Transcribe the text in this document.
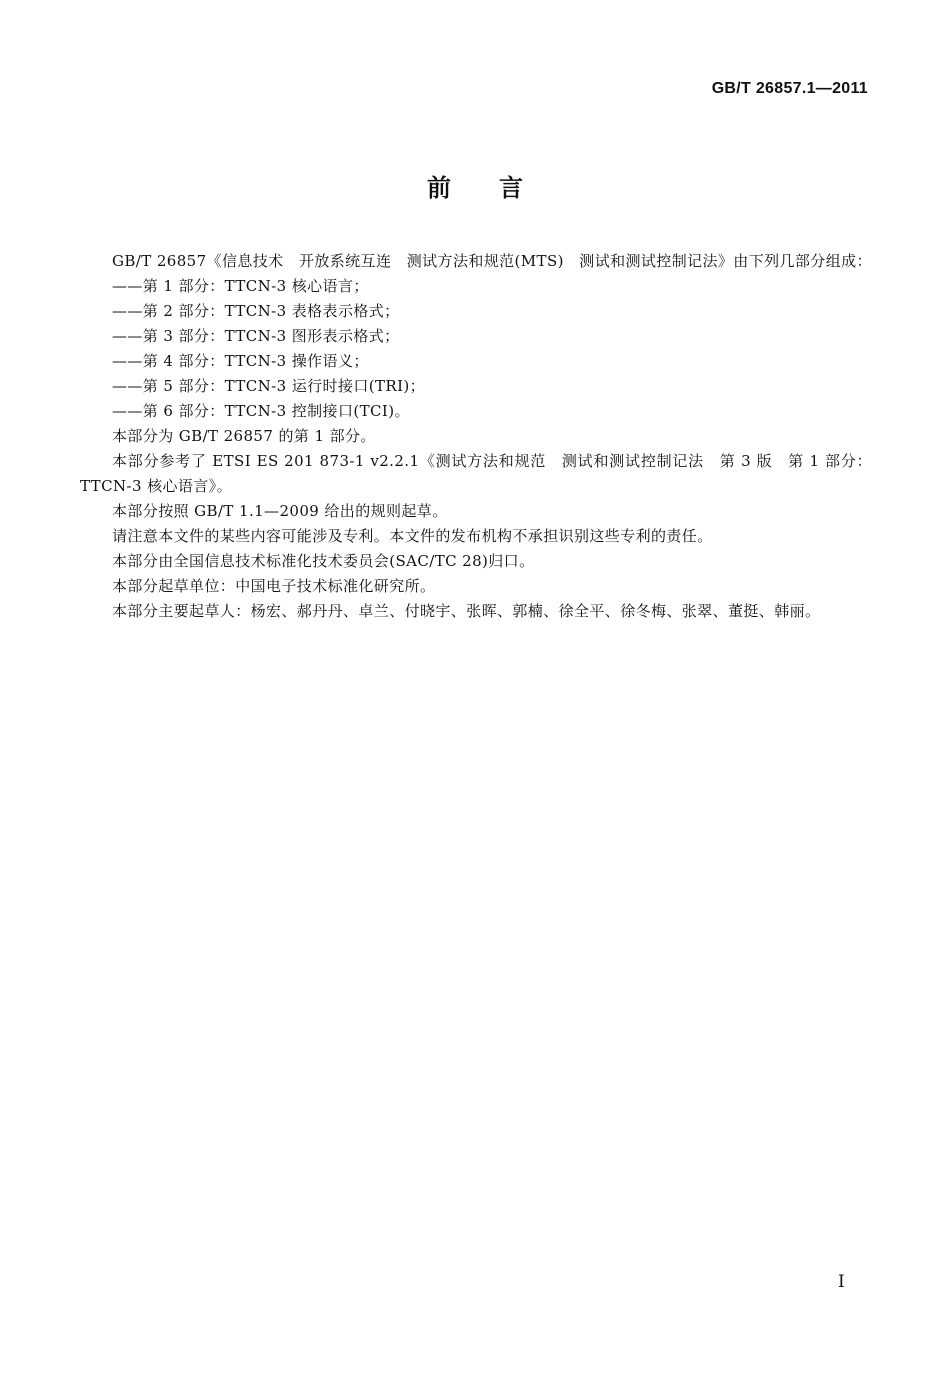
GB/T 26857.1—2011
前言

GB/T 26857《信息技术　开放系统互连　测试方法和规范(MTS)　测试和测试控制记法》由下列几部分组成：

——第 1 部分：TTCN-3 核心语言；
——第 2 部分：TTCN-3 表格表示格式；
——第 3 部分：TTCN-3 图形表示格式；
——第 4 部分：TTCN-3 操作语义；
——第 5 部分：TTCN-3 运行时接口(TRI)；
——第 6 部分：TTCN-3 控制接口(TCI)。

本部分为 GB/T 26857 的第 1 部分。

本部分参考了 ETSI ES 201 873-1 v2.2.1《测试方法和规范　测试和测试控制记法　第 3 版　第 1 部分：TTCN-3 核心语言》。

本部分按照 GB/T 1.1—2009 给出的规则起草。

请注意本文件的某些内容可能涉及专利。本文件的发布机构不承担识别这些专利的责任。

本部分由全国信息技术标准化技术委员会(SAC/TC 28)归口。

本部分起草单位：中国电子技术标准化研究所。

本部分主要起草人：杨宏、郝丹丹、卓兰、付晓宇、张晖、郭楠、徐全平、徐冬梅、张翠、董挺、韩丽。

I
